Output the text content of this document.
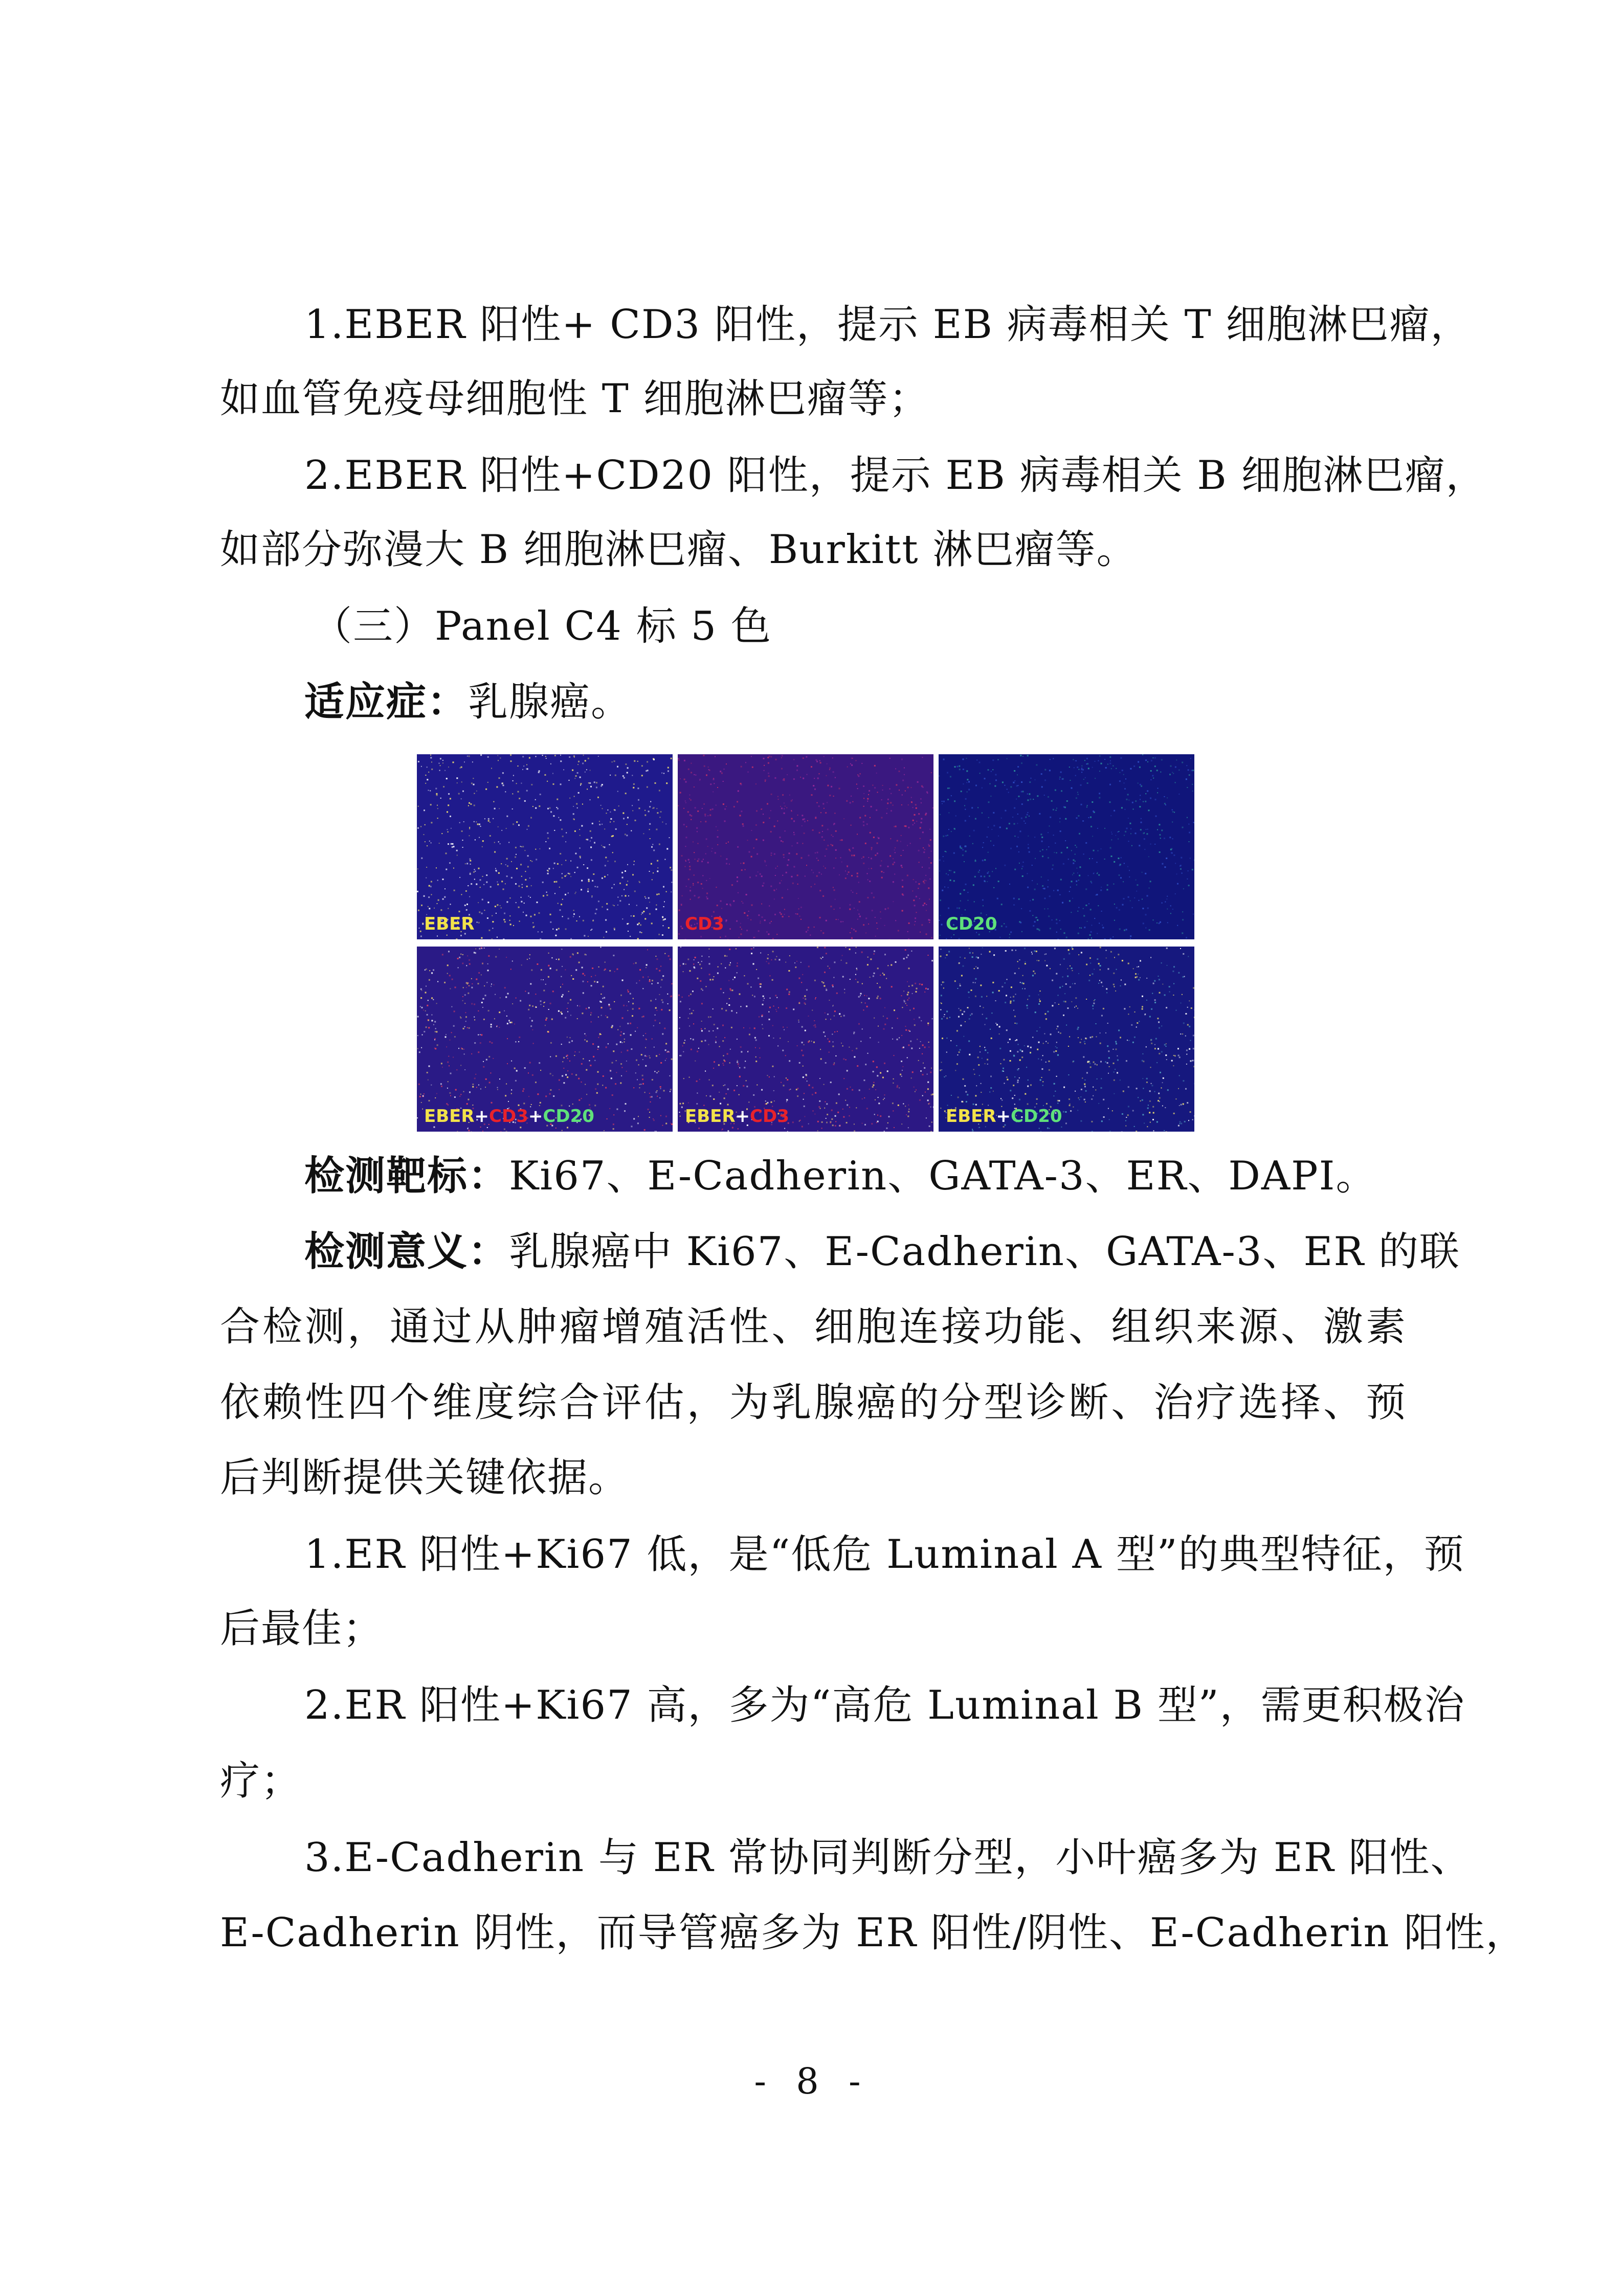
1.EBER 阳性+ CD3 阳性，提示 EB 病毒相关 T 细胞淋巴瘤，
如血管免疫母细胞性 T 细胞淋巴瘤等；
2.EBER 阳性+CD20 阳性，提示 EB 病毒相关 B 细胞淋巴瘤，
如部分弥漫大 B 细胞淋巴瘤、Burkitt 淋巴瘤等。
（三）Panel C4 标 5 色
适应症：乳腺癌。
EBER	CD3	CD20
EBER+CD3+CD20	EBER+CD3	EBER+CD20
检测靶标：Ki67、E-Cadherin、GATA-3、ER、DAPI。
检测意义：乳腺癌中 Ki67、E-Cadherin、GATA-3、ER 的联
合检测，通过从肿瘤增殖活性、细胞连接功能、组织来源、激素
依赖性四个维度综合评估，为乳腺癌的分型诊断、治疗选择、预
后判断提供关键依据。
1.ER 阳性+Ki67 低，是“低危 Luminal A 型”的典型特征，预
后最佳；
2.ER 阳性+Ki67 高，多为“高危 Luminal B 型”，需更积极治
疗；
3.E-Cadherin 与 ER 常协同判断分型，小叶癌多为 ER 阳性、
E-Cadherin 阴性，而导管癌多为 ER 阳性/阴性、E-Cadherin 阳性，
- 8 -
